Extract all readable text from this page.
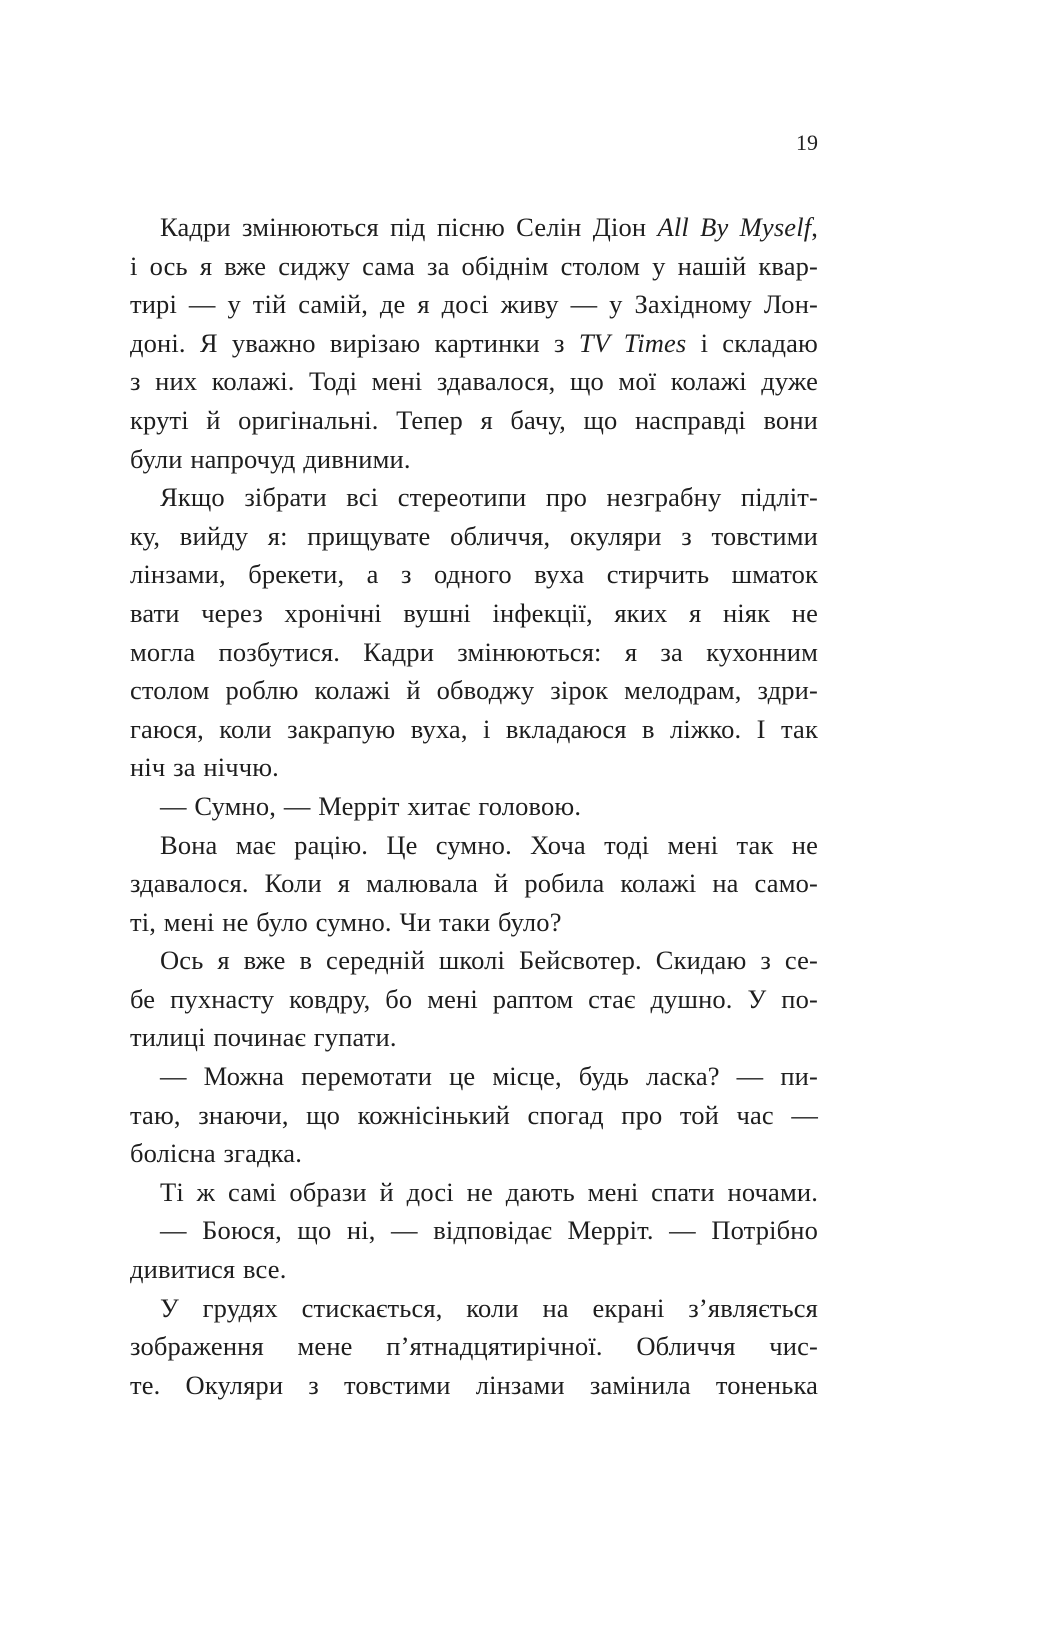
19
Кадри змінюються під пісню Селін Діон All By Myself,
і ось я вже сиджу сама за обіднім столом у нашій квар-
тирі — у тій самій, де я досі живу — у Західному Лон-
доні. Я уважно вирізаю картинки з TV Times і складаю
з них колажі. Тоді мені здавалося, що мої колажі дуже
круті й оригінальні. Тепер я бачу, що насправді вони
були напрочуд дивними.
Якщо зібрати всі стереотипи про незграбну підліт-
ку, вийду я: прищувате обличчя, окуляри з товстими
лінзами, брекети, а з одного вуха стирчить шматок
вати через хронічні вушні інфекції, яких я ніяк не
могла позбутися. Кадри змінюються: я за кухонним
столом роблю колажі й обводжу зірок мелодрам, здри-
гаюся, коли закрапую вуха, і вкладаюся в ліжко. І так
ніч за ніччю.
— Сумно, — Мерріт хитає головою.
Вона має рацію. Це сумно. Хоча тоді мені так не
здавалося. Коли я малювала й робила колажі на само-
ті, мені не було сумно. Чи таки було?
Ось я вже в середній школі Бейсвотер. Скидаю з се-
бе пухнасту ковдру, бо мені раптом стає душно. У по-
тилиці починає гупати.
— Можна перемотати це місце, будь ласка? — пи-
таю, знаючи, що кожнісінький спогад про той час —
болісна згадка.
Ті ж самі образи й досі не дають мені спати ночами.
— Боюся, що ні, — відповідає Мерріт. — Потрібно
дивитися все.
У грудях стискається, коли на екрані з’являється
зображення мене п’ятнадцятирічної. Обличчя чис-
те. Окуляри з товстими лінзами замінила тоненька
